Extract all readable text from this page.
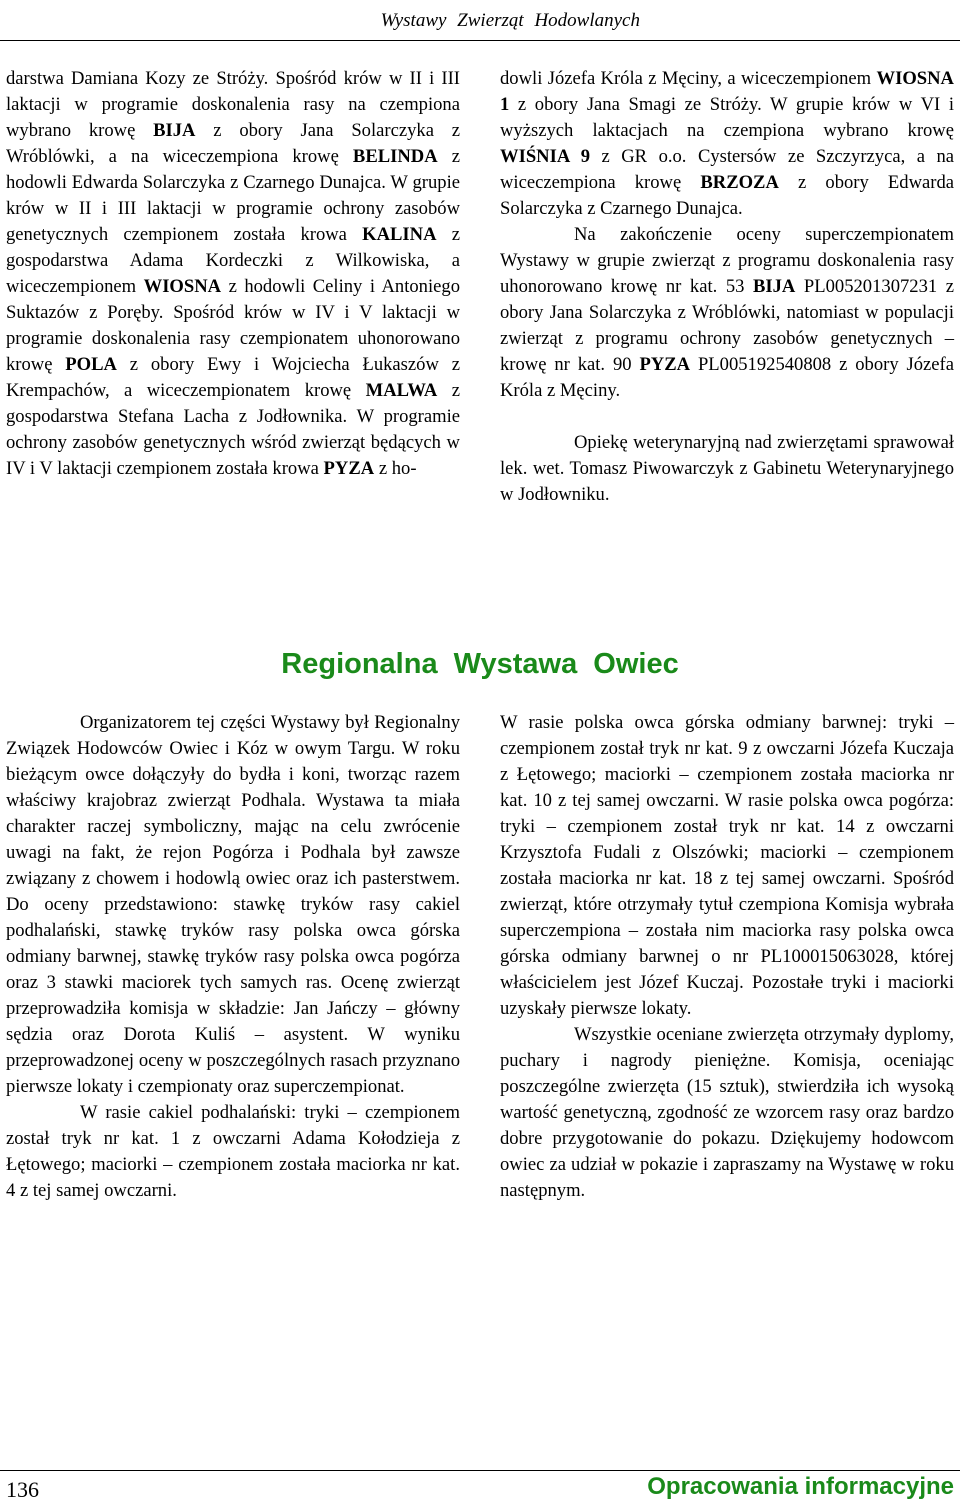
Wystawy Zwierząt Hodowlanych

darstwa Damiana Kozy ze Stróży. Spośród krów w II i III laktacji w programie doskonalenia rasy na czempiona wybrano krowę BIJA z obory Jana Solarczyka z Wróblówki, a na wiceczempiona krowę BELINDA z hodowli Edwarda Solarczyka z Czarnego Dunajca. W grupie krów w II i III laktacji w programie ochrony zasobów genetycznych czempionem została krowa KALINA z gospodarstwa Adama Kordeczki z Wilkowiska, a wiceczempionem WIOSNA z hodowli Celiny i Antoniego Suktazów z Poręby. Spośród krów w IV i V laktacji w programie doskonalenia rasy czempionatem uhonorowano krowę POLA z obory Ewy i Wojciecha Łukaszów z Krempachów, a wiceczempionatem krowę MALWA z gospodarstwa Stefana Lacha z Jodłownika. W programie ochrony zasobów genetycznych wśród zwierząt będących w IV i V laktacji czempionem została krowa PYZA z ho-

dowli Józefa Króla z Męciny, a wiceczempionem WIOSNA 1 z obory Jana Smagi ze Stróży. W grupie krów w VI i wyższych laktacjach na czempiona wybrano krowę WIŚNIA 9 z GR o.o. Cystersów ze Szczyrzyca, a na wiceczempiona krowę BRZOZA z obory Edwarda Solarczyka z Czarnego Dunajca.

Na zakończenie oceny superczempionatem Wystawy w grupie zwierząt z programu doskonalenia rasy uhonorowano krowę nr kat. 53 BIJA PL005201307231 z obory Jana Solarczyka z Wróblówki, natomiast w populacji zwierząt z programu ochrony zasobów genetycznych – krowę nr kat. 90 PYZA PL005192540808 z obory Józefa Króla z Męciny.

Opiekę weterynaryjną nad zwierzętami sprawował lek. wet. Tomasz Piwowarczyk z Gabinetu Weterynaryjnego w Jodłowniku.

Regionalna Wystawa Owiec

Organizatorem tej części Wystawy był Regionalny Związek Hodowców Owiec i Kóz w owym Targu. W roku bieżącym owce dołączyły do bydła i koni, tworząc razem właściwy krajobraz zwierząt Podhala. Wystawa ta miała charakter raczej symboliczny, mając na celu zwrócenie uwagi na fakt, że rejon Pogórza i Podhala był zawsze związany z chowem i hodowlą owiec oraz ich pasterstwem. Do oceny przedstawiono: stawkę tryków rasy cakiel podhalański, stawkę tryków rasy polska owca górska odmiany barwnej, stawkę tryków rasy polska owca pogórza oraz 3 stawki maciorek tych samych ras. Ocenę zwierząt przeprowadziła komisja w składzie: Jan Jańczy – główny sędzia oraz Dorota Kuliś – asystent. W wyniku przeprowadzonej oceny w poszczególnych rasach przyznano pierwsze lokaty i czempionaty oraz superczempionat.

W rasie cakiel podhalański: tryki – czempionem został tryk nr kat. 1 z owczarni Adama Kołodzieja z Łętowego; maciorki – czempionem została maciorka nr kat. 4 z tej samej owczarni.

W rasie polska owca górska odmiany barwnej: tryki – czempionem został tryk nr kat. 9 z owczarni Józefa Kuczaja z Łętowego; maciorki – czempionem została maciorka nr kat. 10 z tej samej owczarni. W rasie polska owca pogórza: tryki – czempionem został tryk nr kat. 14 z owczarni Krzysztofa Fudali z Olszówki; maciorki – czempionem została maciorka nr kat. 18 z tej samej owczarni. Spośród zwierząt, które otrzymały tytuł czempiona Komisja wybrała superczempiona – została nim maciorka rasy polska owca górska odmiany barwnej o nr PL100015063028, której właścicielem jest Józef Kuczaj. Pozostałe tryki i maciorki uzyskały pierwsze lokaty.

Wszystkie oceniane zwierzęta otrzymały dyplomy, puchary i nagrody pieniężne. Komisja, oceniając poszczególne zwierzęta (15 sztuk), stwierdziła ich wysoką wartość genetyczną, zgodność ze wzorcem rasy oraz bardzo dobre przygotowanie do pokazu. Dziękujemy hodowcom owiec za udział w pokazie i zapraszamy na Wystawę w roku następnym.

136	Opracowania informacyjne
